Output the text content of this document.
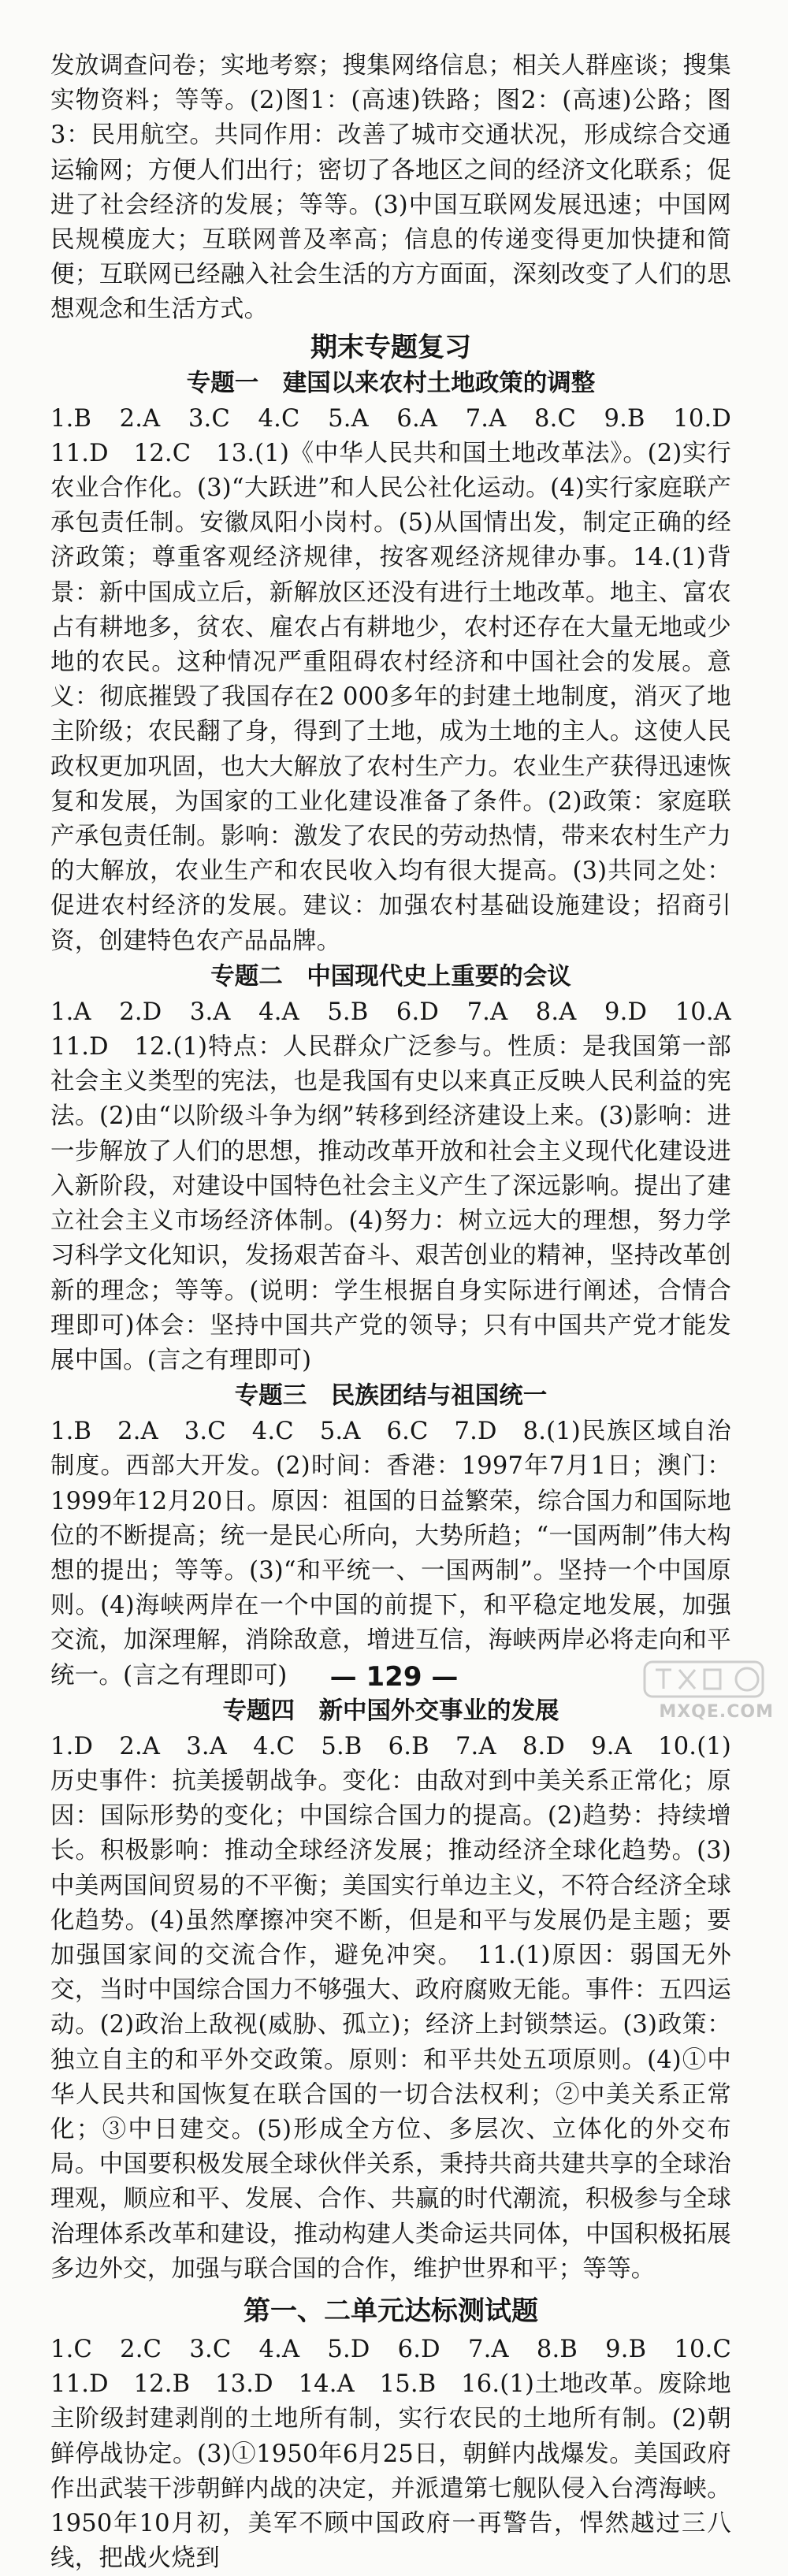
发放调查问卷；实地考察；搜集网络信息；相关人群座谈；搜集实物资料；等等。(2)图1：(高速)铁路；图2：(高速)公路；图3：民用航空。共同作用：改善了城市交通状况，形成综合交通运输网；方便人们出行；密切了各地区之间的经济文化联系；促进了社会经济的发展；等等。(3)中国互联网发展迅速；中国网民规模庞大；互联网普及率高；信息的传递变得更加快捷和简便；互联网已经融入社会生活的方方面面，深刻改变了人们的思想观念和生活方式。

期末专题复习
专题一　建国以来农村土地政策的调整

1.B　2.A　3.C　4.C　5.A　6.A　7.A　8.C　9.B　10.D　11.D　12.C　13.(1)《中华人民共和国土地改革法》。(2)实行农业合作化。(3)“大跃进”和人民公社化运动。(4)实行家庭联产承包责任制。安徽凤阳小岗村。(5)从国情出发，制定正确的经济政策；尊重客观经济规律，按客观经济规律办事。14.(1)背景：新中国成立后，新解放区还没有进行土地改革。地主、富农占有耕地多，贫农、雇农占有耕地少，农村还存在大量无地或少地的农民。这种情况严重阻碍农村经济和中国社会的发展。意义：彻底摧毁了我国存在2 000多年的封建土地制度，消灭了地主阶级；农民翻了身，得到了土地，成为土地的主人。这使人民政权更加巩固，也大大解放了农村生产力。农业生产获得迅速恢复和发展，为国家的工业化建设准备了条件。(2)政策：家庭联产承包责任制。影响：激发了农民的劳动热情，带来农村生产力的大解放，农业生产和农民收入均有很大提高。(3)共同之处：促进农村经济的发展。建议：加强农村基础设施建设；招商引资，创建特色农产品品牌。

专题二　中国现代史上重要的会议

1.A　2.D　3.A　4.A　5.B　6.D　7.A　8.A　9.D　10.A　11.D　12.(1)特点：人民群众广泛参与。性质：是我国第一部社会主义类型的宪法，也是我国有史以来真正反映人民利益的宪法。(2)由“以阶级斗争为纲”转移到经济建设上来。(3)影响：进一步解放了人们的思想，推动改革开放和社会主义现代化建设进入新阶段，对建设中国特色社会主义产生了深远影响。提出了建立社会主义市场经济体制。(4)努力：树立远大的理想，努力学习科学文化知识，发扬艰苦奋斗、艰苦创业的精神，坚持改革创新的理念；等等。(说明：学生根据自身实际进行阐述，合情合理即可)体会：坚持中国共产党的领导；只有中国共产党才能发展中国。(言之有理即可)

专题三　民族团结与祖国统一

1.B　2.A　3.C　4.C　5.A　6.C　7.D　8.(1)民族区域自治制度。西部大开发。(2)时间：香港：1997年7月1日；澳门：1999年12月20日。原因：祖国的日益繁荣，综合国力和国际地位的不断提高；统一是民心所向，大势所趋；“一国两制”伟大构想的提出；等等。(3)“和平统一、一国两制”。坚持一个中国原则。(4)海峡两岸在一个中国的前提下，和平稳定地发展，加强交流，加深理解，消除敌意，增进互信，海峡两岸必将走向和平统一。(言之有理即可)

专题四　新中国外交事业的发展

1.D　2.A　3.A　4.C　5.B　6.B　7.A　8.D　9.A　10.(1)历史事件：抗美援朝战争。变化：由敌对到中美关系正常化；原因：国际形势的变化；中国综合国力的提高。(2)趋势：持续增长。积极影响：推动全球经济发展；推动经济全球化趋势。(3)中美两国间贸易的不平衡；美国实行单边主义，不符合经济全球化趋势。(4)虽然摩擦冲突不断，但是和平与发展仍是主题；要加强国家间的交流合作，避免冲突。　11.(1)原因：弱国无外交，当时中国综合国力不够强大、政府腐败无能。事件：五四运动。(2)政治上敌视(威胁、孤立)；经济上封锁禁运。(3)政策：独立自主的和平外交政策。原则：和平共处五项原则。(4)①中华人民共和国恢复在联合国的一切合法权利；②中美关系正常化；③中日建交。(5)形成全方位、多层次、立体化的外交布局。中国要积极发展全球伙伴关系，秉持共商共建共享的全球治理观，顺应和平、发展、合作、共赢的时代潮流，积极参与全球治理体系改革和建设，推动构建人类命运共同体，中国积极拓展多边外交，加强与联合国的合作，维护世界和平；等等。

第一、二单元达标测试题

1.C　2.C　3.C　4.A　5.D　6.D　7.A　8.B　9.B　10.C　11.D　12.B　13.D　14.A　15.B　16.(1)土地改革。废除地主阶级封建剥削的土地所有制，实行农民的土地所有制。(2)朝鲜停战协定。(3)①1950年6月25日，朝鲜内战爆发。美国政府作出武装干涉朝鲜内战的决定，并派遣第七舰队侵入台湾海峡。1950年10月初，美军不顾中国政府一再警告，悍然越过三八线，把战火烧到

— 129 —
MXQE.COM
